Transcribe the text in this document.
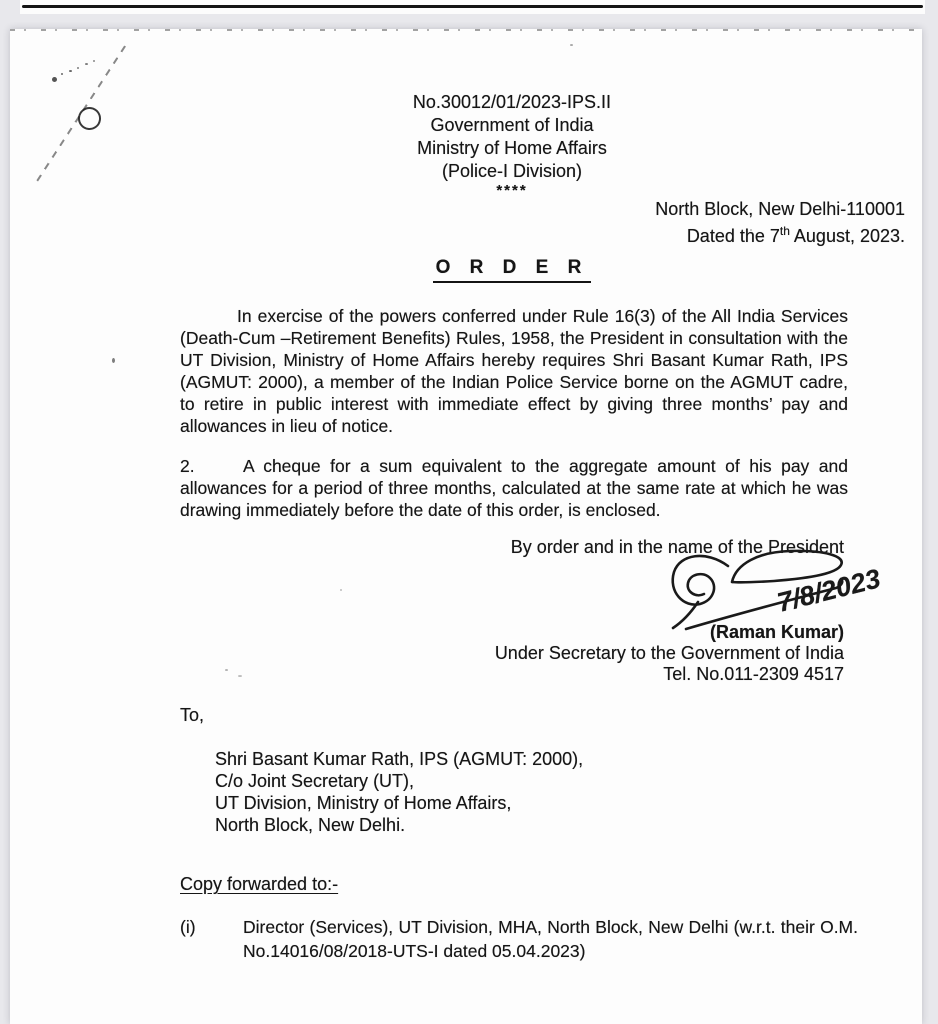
No.30012/01/2023-IPS.II
Government of India
Ministry of Home Affairs
(Police-I Division)
****
North Block, New Delhi-110001
Dated the 7th August, 2023.
O R D E R
In exercise of the powers conferred under Rule 16(3) of the All India Services (Death-Cum –Retirement Benefits) Rules, 1958, the President in consultation with the UT Division, Ministry of Home Affairs hereby requires Shri Basant Kumar Rath, IPS (AGMUT: 2000), a member of the Indian Police Service borne on the AGMUT cadre, to retire in public interest with immediate effect by giving three months’ pay and allowances in lieu of notice.
2.	A cheque for a sum equivalent to the aggregate amount of his pay and allowances for a period of three months, calculated at the same rate at which he was drawing immediately before the date of this order, is enclosed.
By order and in the name of the President
7/8/2023
(Raman Kumar)
Under Secretary to the Government of India
Tel. No.011-2309 4517
To,
Shri Basant Kumar Rath, IPS (AGMUT: 2000),
C/o Joint Secretary (UT),
UT Division, Ministry of Home Affairs,
North Block, New Delhi.
Copy forwarded to:-
(i)	Director (Services), UT Division, MHA, North Block, New Delhi (w.r.t. their O.M. No.14016/08/2018-UTS-I dated 05.04.2023)
